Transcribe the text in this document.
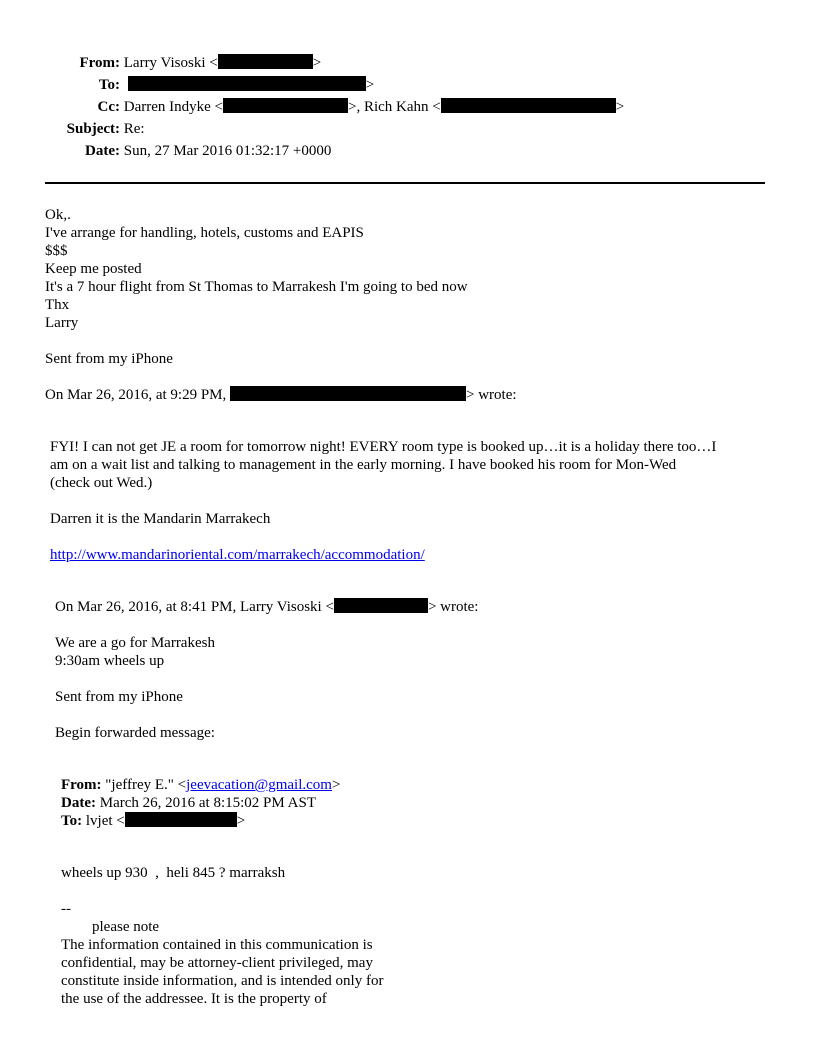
From: Larry Visoski <	>
To:	>
Cc: Darren Indyke <	>, Rich Kahn <	>
Subject: Re:
Date: Sun, 27 Mar 2016 01:32:17 +0000
Ok,.
I've arrange for handling, hotels, customs and EAPIS
$$$
Keep me posted
It's a 7 hour flight from St Thomas to Marrakesh I'm going to bed now
Thx
Larry
Sent from my iPhone
On Mar 26, 2016, at 9:29 PM,	> wrote:
FYI! I can not get JE a room for tomorrow night! EVERY room type is booked up…it is a holiday there too…I
am on a wait list and talking to management in the early morning. I have booked his room for Mon-Wed
(check out Wed.)
Darren it is the Mandarin Marrakech
http://www.mandarinoriental.com/marrakech/accommodation/
On Mar 26, 2016, at 8:41 PM, Larry Visoski <	> wrote:
We are a go for Marrakesh
9:30am wheels up
Sent from my iPhone
Begin forwarded message:
From: "jeffrey E." <jeevacation@gmail.com>
Date: March 26, 2016 at 8:15:02 PM AST
To: lvjet <	>
wheels up 930  ,  heli 845 ? marraksh
--
please note
The information contained in this communication is
confidential, may be attorney-client privileged, may
constitute inside information, and is intended only for
the use of the addressee. It is the property of
